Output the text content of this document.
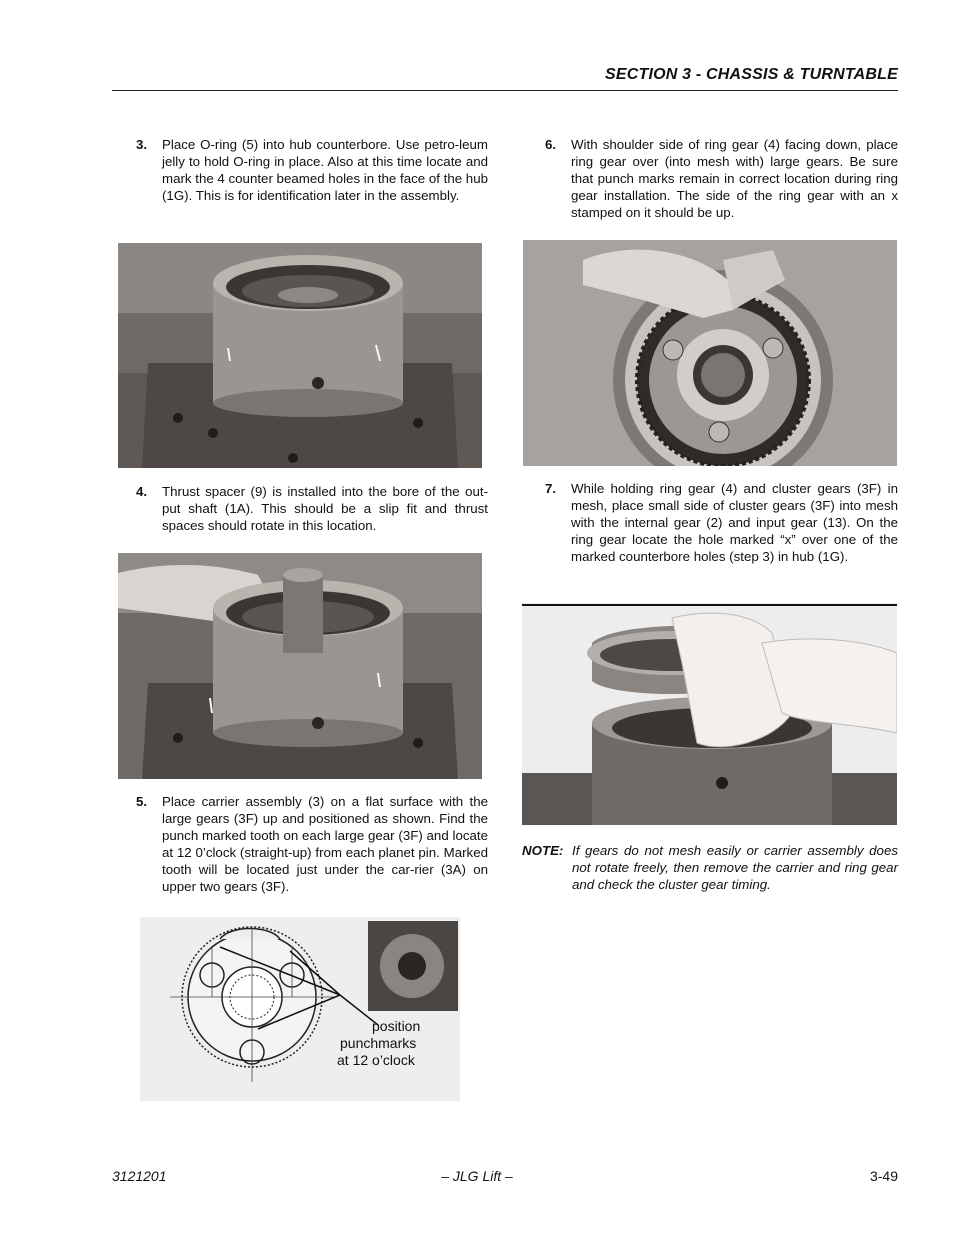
SECTION 3 - CHASSIS & TURNTABLE
3. Place O-ring (5) into hub counterbore. Use petro-leum jelly to hold O-ring in place. Also at this time locate and mark the 4 counter beamed holes in the face of the hub (1G). This is for identification later in the assembly.
4. Thrust spacer (9) is installed into the bore of the out-put shaft (1A). This should be a slip fit and thrust spaces should rotate in this location.
5. Place carrier assembly (3) on a flat surface with the large gears (3F) up and positioned as shown. Find the punch marked tooth on each large gear (3F) and locate at 12 0’clock (straight-up) from each planet pin. Marked tooth will be located just under the car-rier (3A) on upper two gears (3F).
position
punchmarks
at 12 o’clock
6. With shoulder side of ring gear (4) facing down, place ring gear over (into mesh with) large gears. Be sure that punch marks remain in correct location during ring gear installation. The side of the ring gear with an x stamped on it should be up.
7. While holding ring gear (4) and cluster gears (3F) in mesh, place small side of cluster gears (3F) into mesh with the internal gear (2) and input gear (13). On the ring gear locate the hole marked “x” over one of the marked counterbore holes (step 3) in hub (1G).
NOTE: If gears do not mesh easily or carrier assembly does not rotate freely, then remove the carrier and ring gear and check the cluster gear timing.
3121201	– JLG Lift –	3-49
